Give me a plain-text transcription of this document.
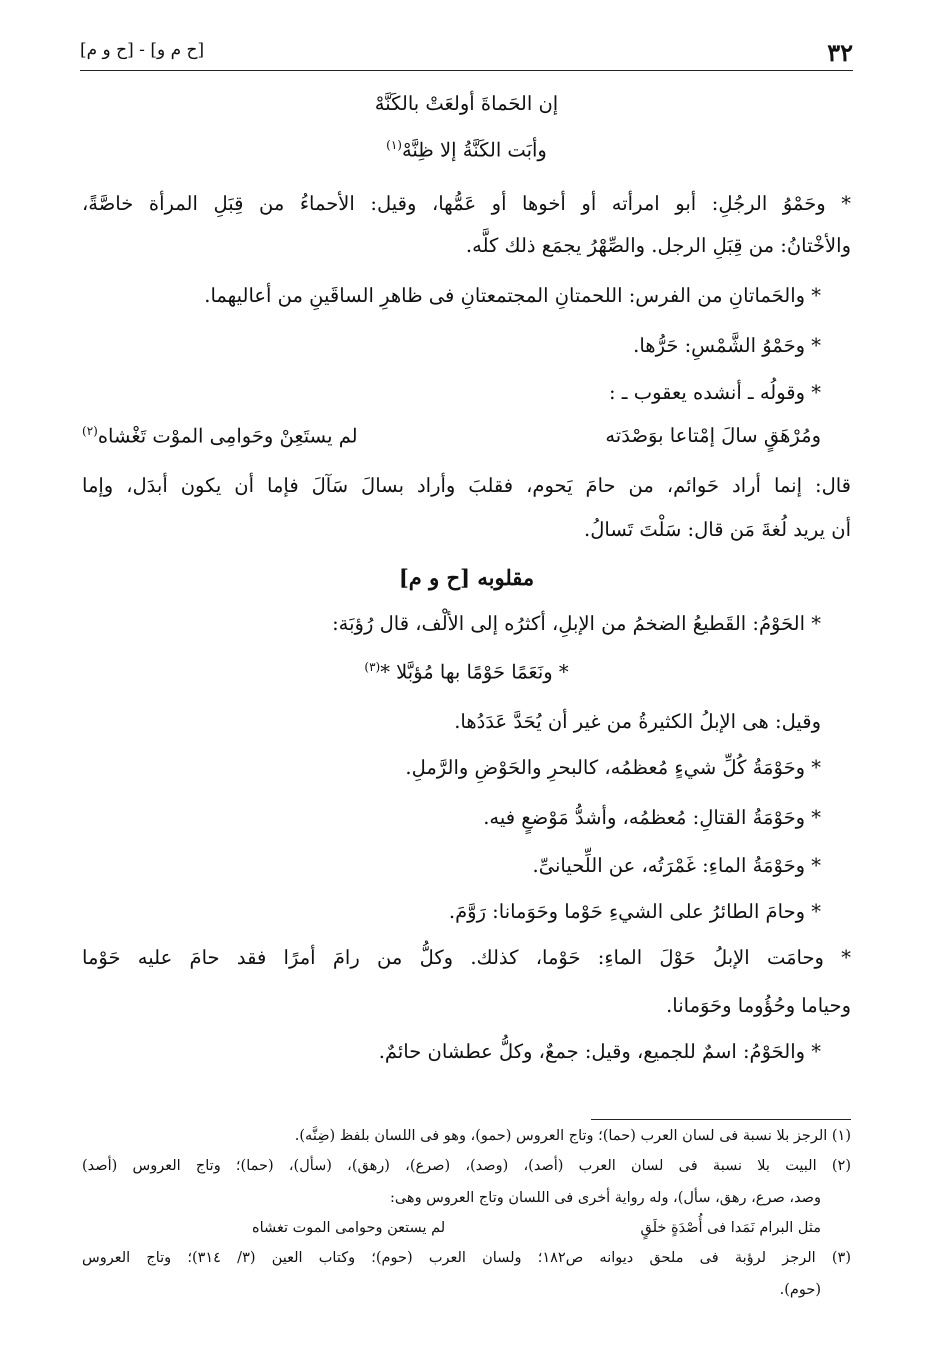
٣٢
[ح م و] - [ح و م]
إن الحَماةَ أولعَتْ بالكَنَّهْ
وأبَت الكَنَّةُ إلا ظِنَّهْ$^{(١)}$
* وحَمْوُ الرجُلِ: أبو امرأته أو أخوها أو عَمُّها، وقيل: الأحماءُ من قِبَلِ المرأة خاصَّةً،
والأخْتانُ: من قِبَلِ الرجل. والصِّهْرُ يجمَع ذلك كلَّه.
* والحَماتانِ من الفرس: اللحمتانِ المجتمعتانِ فى ظاهرِ الساقَينِ من أعاليهما.
* وحَمْوُ الشَّمْسِ: حَرُّها.
* وقولُه ـ أنشده يعقوب ـ :
ومُرْهَقٍ سالَ إمْتاعا بوَصْدَته
لم يستَعِنْ وحَوامِى الموْت تَغْشاه$^{(٢)}$
قال: إنما أراد حَوائم، من حامَ يَحوم، فقلبَ وأراد بسالَ سَآلَ فإما أن يكون أبدَل، وإما
أن يريد لُغةَ مَن قال: سَلْتَ تَسالُ.
مقلوبه [ح و م]
* الحَوْمُ: القَطيعُ الضخمُ من الإبلِ، أكثرُه إلى الألْف، قال رُؤبَة:
* ونَعَمًا حَوْمًا بها مُؤبَّلا *$^{(٣)}$
وقيل: هى الإبلُ الكثيرةُ من غير أن يُحَدَّ عَدَدُها.
* وحَوْمَةُ كُلِّ شيءٍ مُعظمُه، كالبحرِ والحَوْضِ والرَّملِ.
* وحَوْمَةُ القتالِ: مُعظمُه، وأشدُّ مَوْضعٍ فيه.
* وحَوْمَةُ الماءِ: غَمْرَتُه، عن اللِّحيانىِّ.
* وحامَ الطائرُ على الشيءِ حَوْما وحَوَمانا: رَوَّمَ.
* وحامَت الإبلُ حَوْلَ الماءِ: حَوْما، كذلك. وكلُّ من رامَ أمرًا فقد حامَ عليه حَوْما
وحياما وحُؤُوما وحَوَمانا.
* والحَوْمُ: اسمٌ للجميع، وقيل: جمعٌ، وكلُّ عطشان حائمٌ.
(١) الرجز بلا نسبة فى لسان العرب (حما)؛ وتاج العروس (حمو)، وهو فى اللسان بلفظ (ضِنَّه).
(٢) البيت بلا نسبة فى لسان العرب (أصد)، (وصد)، (صرع)، (رهق)، (سأل)، (حما)؛ وتاج العروس (أصد)
وصد، صرع، رهق، سأل)، وله رواية أخرى فى اللسان وتاج العروس وهى:
مثل البرام نَمَدا فى أُصْدَةٍ خلَقٍ
لم يستعن وحوامى الموت تغشاه
(٣) الرجز لرؤبة فى ملحق ديوانه ص١٨٢؛ ولسان العرب (حوم)؛ وكتاب العين (٣/ ٣١٤)؛ وتاج العروس
(حوم).
